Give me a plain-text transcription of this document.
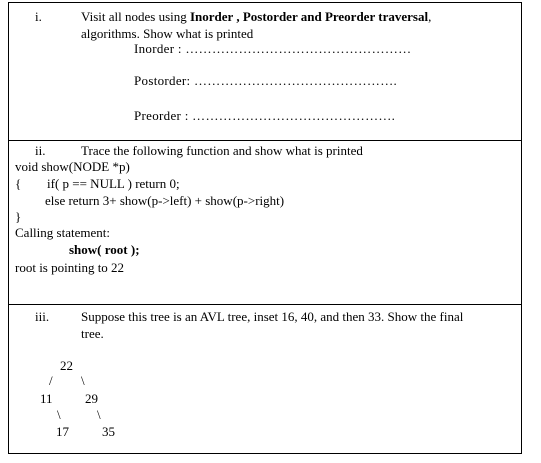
i.	Visit all nodes using Inorder , Postorder and Preorder traversal,
algorithms. Show what is printed
Inorder : ……………………………………………
Postorder: ……………………………………….
Preorder : ……………………………………….
ii.	Trace the following function and show what is printed
void show(NODE *p)
{ if( p == NULL ) return 0;
else return 3+ show(p->left) + show(p->right)
}
Calling statement:
show( root );
root is pointing to 22
iii. Suppose this tree is an AVL tree, inset 16, 40, and then 33. Show the final
tree.
22
/ \
11 29
\	\
17	35
